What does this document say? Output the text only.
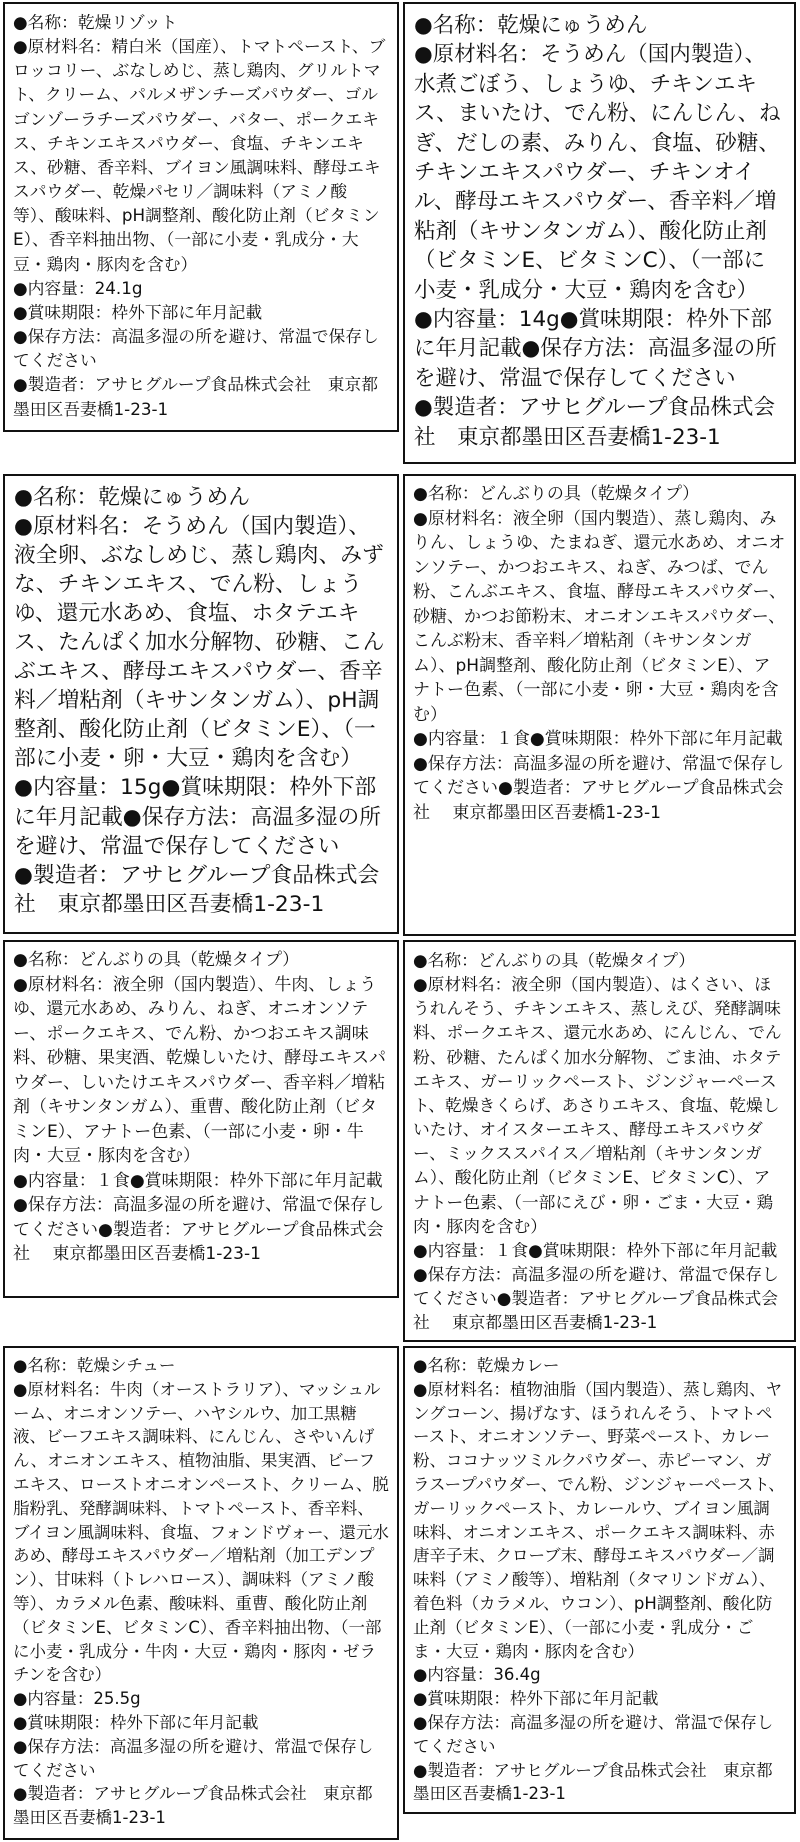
●名称：乾燥リゾット

●原材料名：精白米（国産）、トマトペースト、ブロッコリー、ぶなしめじ、蒸し鶏肉、グリルトマト、クリーム、パルメザンチーズパウダー、ゴルゴンゾーラチーズパウダー、バター、ポークエキス、チキンエキスパウダー、食塩、チキンエキス、砂糖、香辛料、ブイヨン風調味料、酵母エキスパウダー、乾燥パセリ／調味料（アミノ酸等）、酸味料、pH調整剤、酸化防止剤（ビタミンE）、香辛料抽出物、（一部に小麦・乳成分・大豆・鶏肉・豚肉を含む）

●内容量：24.1g

●賞味期限：枠外下部に年月記載

●保存方法：高温多湿の所を避け、常温で保存してください

●製造者：アサヒグループ食品株式会社　東京都墨田区吾妻橋1-23-1

●名称：乾燥にゅうめん

●原材料名：そうめん（国内製造）、水煮ごぼう、しょうゆ、チキンエキス、まいたけ、でん粉、にんじん、ねぎ、だしの素、みりん、食塩、砂糖、チキンエキスパウダー、チキンオイル、酵母エキスパウダー、香辛料／増粘剤（キサンタンガム）、酸化防止剤（ビタミンE、ビタミンC）、（一部に小麦・乳成分・大豆・鶏肉を含む）

●内容量：14g●賞味期限：枠外下部に年月記載●保存方法：高温多湿の所を避け、常温で保存してください

●製造者：アサヒグループ食品株式会社　東京都墨田区吾妻橋1-23-1

●名称：乾燥にゅうめん

●原材料名：そうめん（国内製造）、液全卵、ぶなしめじ、蒸し鶏肉、みずな、チキンエキス、でん粉、しょうゆ、還元水あめ、食塩、ホタテエキス、たんぱく加水分解物、砂糖、こんぶエキス、酵母エキスパウダー、香辛料／増粘剤（キサンタンガム）、pH調整剤、酸化防止剤（ビタミンE）、（一部に小麦・卵・大豆・鶏肉を含む）

●内容量：15g●賞味期限：枠外下部に年月記載●保存方法：高温多湿の所を避け、常温で保存してください

●製造者：アサヒグループ食品株式会社　東京都墨田区吾妻橋1-23-1

●名称：どんぶりの具（乾燥タイプ）

●原材料名：液全卵（国内製造）、蒸し鶏肉、みりん、しょうゆ、たまねぎ、還元水あめ、オニオンソテー、かつおエキス、ねぎ、みつば、でん粉、こんぶエキス、食塩、酵母エキスパウダー、砂糖、かつお節粉末、オニオンエキスパウダー、こんぶ粉末、香辛料／増粘剤（キサンタンガム）、pH調整剤、酸化防止剤（ビタミンE）、アナトー色素、（一部に小麦・卵・大豆・鶏肉を含む）

●内容量：１食●賞味期限：枠外下部に年月記載●保存方法：高温多湿の所を避け、常温で保存してください●製造者：アサヒグループ食品株式会社　 東京都墨田区吾妻橋1-23-1

●名称：どんぶりの具（乾燥タイプ）

●原材料名：液全卵（国内製造）、牛肉、しょうゆ、還元水あめ、みりん、ねぎ、オニオンソテー、ポークエキス、でん粉、かつおエキス調味料、砂糖、果実酒、乾燥しいたけ、酵母エキスパウダー、しいたけエキスパウダー、香辛料／増粘剤（キサンタンガム）、重曹、酸化防止剤（ビタミンE）、アナトー色素、（一部に小麦・卵・牛肉・大豆・豚肉を含む）

●内容量：１食●賞味期限：枠外下部に年月記載●保存方法：高温多湿の所を避け、常温で保存してください●製造者：アサヒグループ食品株式会社　 東京都墨田区吾妻橋1-23-1

●名称：どんぶりの具（乾燥タイプ）

●原材料名：液全卵（国内製造）、はくさい、ほうれんそう、チキンエキス、蒸しえび、発酵調味料、ポークエキス、還元水あめ、にんじん、でん粉、砂糖、たんぱく加水分解物、ごま油、ホタテエキス、ガーリックペースト、ジンジャーペースト、乾燥きくらげ、あさりエキス、食塩、乾燥しいたけ、オイスターエキス、酵母エキスパウダー、ミックススパイス／増粘剤（キサンタンガム）、酸化防止剤（ビタミンE、ビタミンC）、アナトー色素、（一部にえび・卵・ごま・大豆・鶏肉・豚肉を含む）

●内容量：１食●賞味期限：枠外下部に年月記載●保存方法：高温多湿の所を避け、常温で保存してください●製造者：アサヒグループ食品株式会社　 東京都墨田区吾妻橋1-23-1

●名称：乾燥シチュー

●原材料名：牛肉（オーストラリア）、マッシュルーム、オニオンソテー、ハヤシルウ、加工黒糖液、ビーフエキス調味料、にんじん、さやいんげん、オニオンエキス、植物油脂、果実酒、ビーフエキス、ローストオニオンペースト、クリーム、脱脂粉乳、発酵調味料、トマトペースト、香辛料、ブイヨン風調味料、食塩、フォンドヴォー、還元水あめ、酵母エキスパウダー／増粘剤（加工デンプン）、甘味料（トレハロース）、調味料（アミノ酸等）、カラメル色素、酸味料、重曹、酸化防止剤（ビタミンE、ビタミンC）、香辛料抽出物、（一部に小麦・乳成分・牛肉・大豆・鶏肉・豚肉・ゼラチンを含む）

●内容量：25.5g

●賞味期限：枠外下部に年月記載

●保存方法：高温多湿の所を避け、常温で保存してください

●製造者：アサヒグループ食品株式会社　東京都墨田区吾妻橋1-23-1

●名称：乾燥カレー

●原材料名：植物油脂（国内製造）、蒸し鶏肉、ヤングコーン、揚げなす、ほうれんそう、トマトペースト、オニオンソテー、野菜ペースト、カレー粉、ココナッツミルクパウダー、赤ピーマン、ガラスープパウダー、でん粉、ジンジャーペースト、ガーリックペースト、カレールウ、ブイヨン風調味料、オニオンエキス、ポークエキス調味料、赤唐辛子末、クローブ末、酵母エキスパウダー／調味料（アミノ酸等）、増粘剤（タマリンドガム）、着色料（カラメル、ウコン）、pH調整剤、酸化防止剤（ビタミンE）、（一部に小麦・乳成分・ごま・大豆・鶏肉・豚肉を含む）

●内容量：36.4g

●賞味期限：枠外下部に年月記載

●保存方法：高温多湿の所を避け、常温で保存してください

●製造者：アサヒグループ食品株式会社　東京都墨田区吾妻橋1-23-1
